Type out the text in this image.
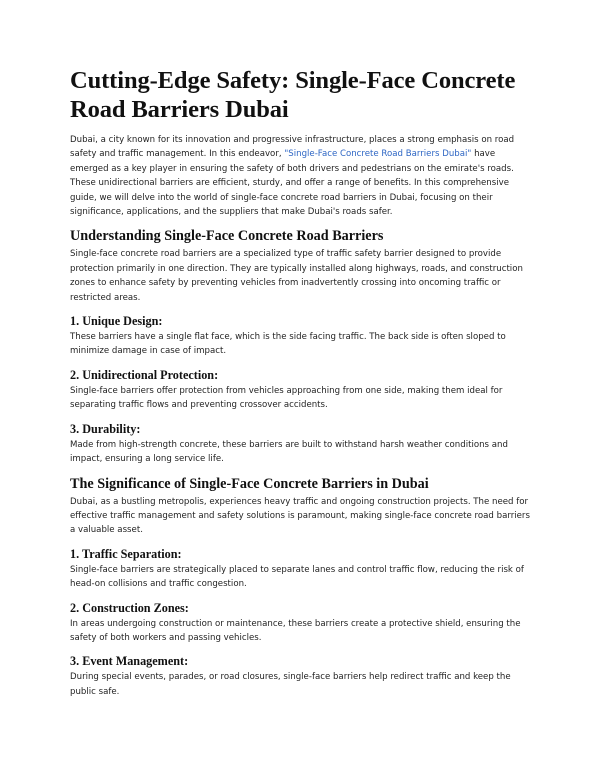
Cutting-Edge Safety: Single-Face Concrete Road Barriers Dubai

Dubai, a city known for its innovation and progressive infrastructure, places a strong emphasis on road safety and traffic management. In this endeavor, "Single-Face Concrete Road Barriers Dubai" have emerged as a key player in ensuring the safety of both drivers and pedestrians on the emirate's roads. These unidirectional barriers are efficient, sturdy, and offer a range of benefits. In this comprehensive guide, we will delve into the world of single-face concrete road barriers in Dubai, focusing on their significance, applications, and the suppliers that make Dubai's roads safer.

Understanding Single-Face Concrete Road Barriers

Single-face concrete road barriers are a specialized type of traffic safety barrier designed to provide protection primarily in one direction. They are typically installed along highways, roads, and construction zones to enhance safety by preventing vehicles from inadvertently crossing into oncoming traffic or restricted areas.

1. Unique Design:

These barriers have a single flat face, which is the side facing traffic. The back side is often sloped to minimize damage in case of impact.

2. Unidirectional Protection:

Single-face barriers offer protection from vehicles approaching from one side, making them ideal for separating traffic flows and preventing crossover accidents.

3. Durability:

Made from high-strength concrete, these barriers are built to withstand harsh weather conditions and impact, ensuring a long service life.

The Significance of Single-Face Concrete Barriers in Dubai

Dubai, as a bustling metropolis, experiences heavy traffic and ongoing construction projects. The need for effective traffic management and safety solutions is paramount, making single-face concrete road barriers a valuable asset.

1. Traffic Separation:

Single-face barriers are strategically placed to separate lanes and control traffic flow, reducing the risk of head-on collisions and traffic congestion.

2. Construction Zones:

In areas undergoing construction or maintenance, these barriers create a protective shield, ensuring the safety of both workers and passing vehicles.

3. Event Management:

During special events, parades, or road closures, single-face barriers help redirect traffic and keep the public safe.
